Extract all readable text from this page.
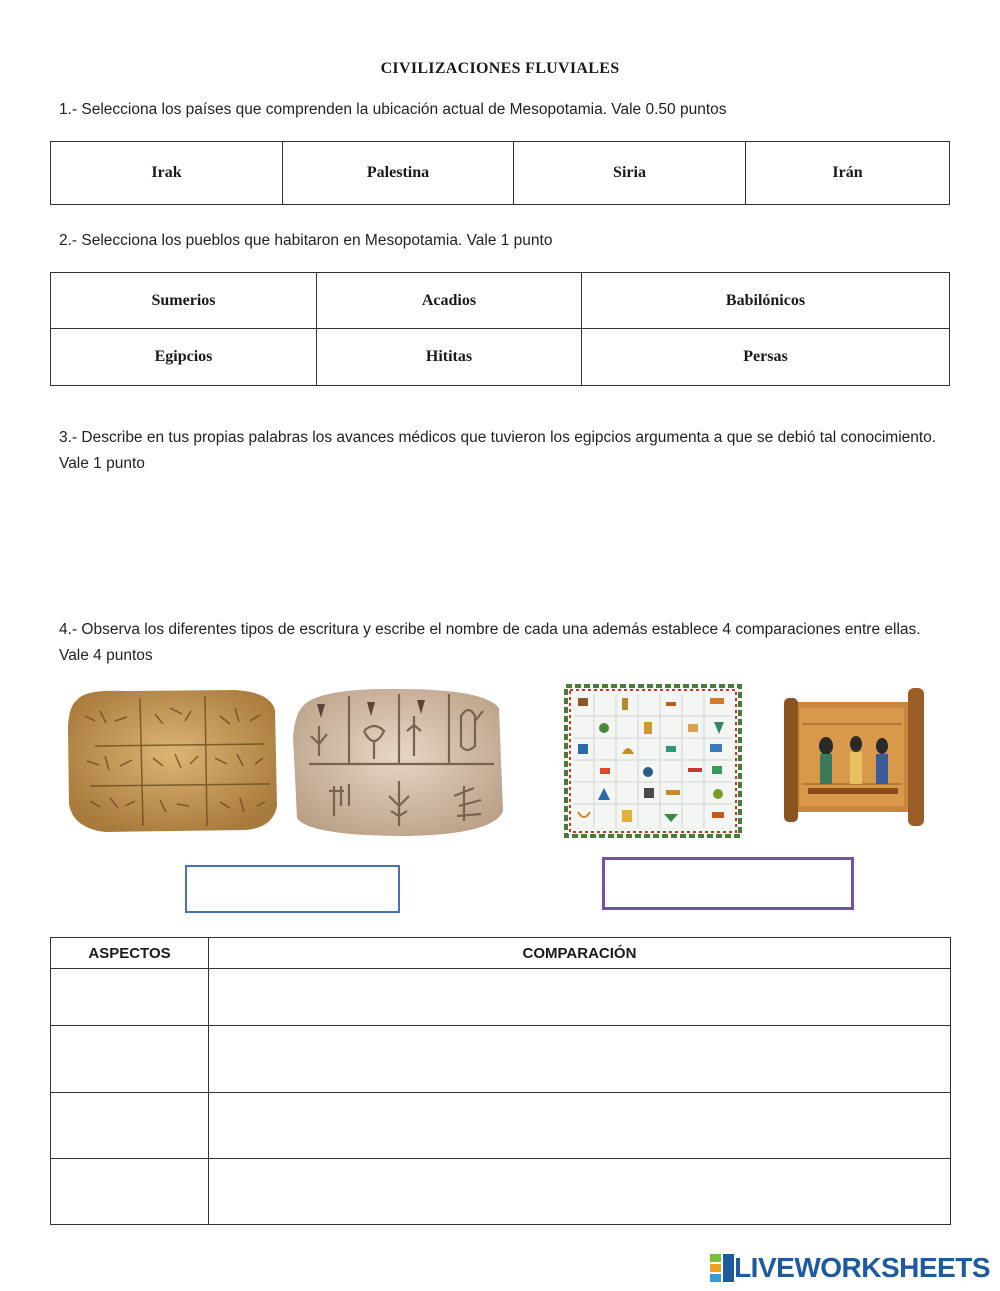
CIVILIZACIONES FLUVIALES
1.- Selecciona los países que comprenden la ubicación actual de Mesopotamia. Vale 0.50 puntos
Irak	Palestina	Siria	Irán
2.- Selecciona los pueblos que habitaron en Mesopotamia. Vale 1 punto
Sumerios	Acadios	Babilónicos
Egipcios	Hititas	Persas
3.- Describe en tus propias palabras los avances médicos que tuvieron los egipcios argumenta a que se debió tal conocimiento. Vale 1 punto
4.- Observa los diferentes tipos de escritura y escribe el nombre de cada una además establece 4 comparaciones entre ellas. Vale 4 puntos
ASPECTOS	COMPARACIÓN

LIVEWORKSHEETS
